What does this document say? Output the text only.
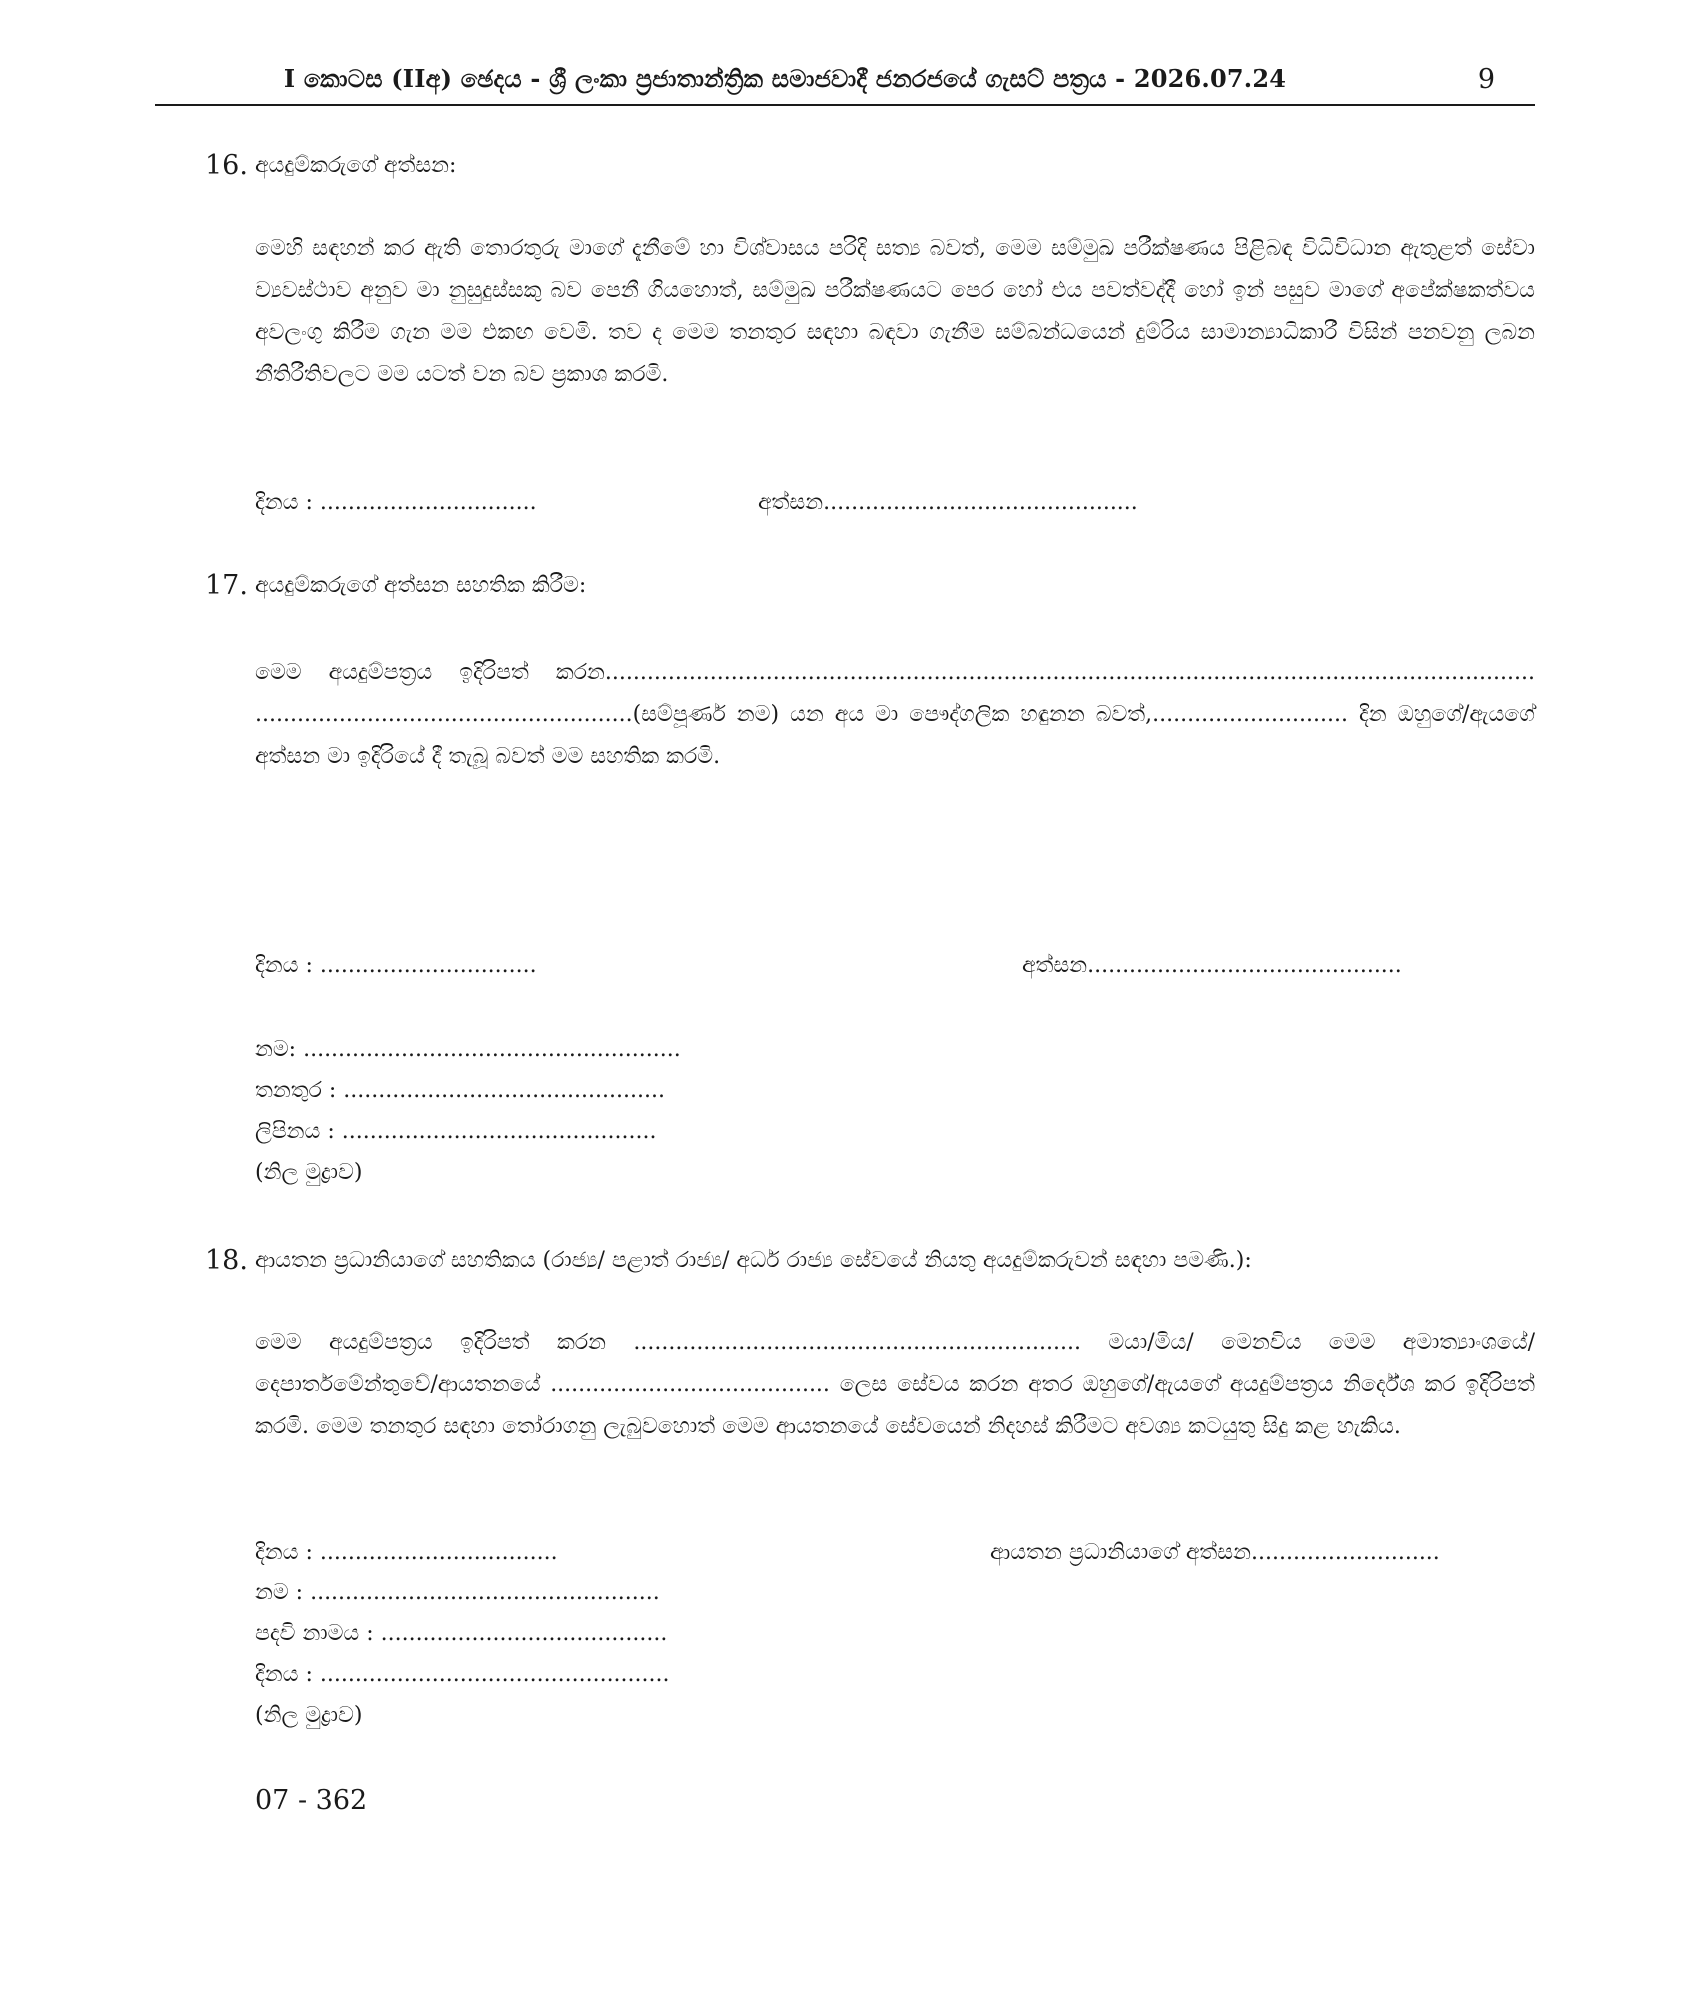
I කොටස (IIඅ) ඡෙදය - ශ්‍රී ලංකා ප්‍රජාතාන්ත්‍රික සමාජවාදී ජනරජයේ ගැසට් පත්‍රය - 2026.07.24	9
16. අයදුම්කරුගේ අත්සන:

මෙහි සඳහන් කර ඇති තොරතුරු මාගේ දැනීමේ හා විශ්වාසය පරිදි සත්‍ය බවත්, මෙම සම්මුඛ පරීක්ෂණය පිළිබඳ විධිවිධාන ඇතුළත් සේවා ව්‍යවස්ථාව අනුව මා නුසුදුස්සකු බව පෙනී ගියහොත්, සම්මුඛ පරීක්ෂණයට පෙර හෝ එය පවත්වද්දී හෝ ඉන් පසුව මාගේ අපේක්ෂකත්වය අවලංගු කිරීම ගැන මම එකඟ වෙමි. තව ද මෙම තනතුර සඳහා බඳවා ගැනීම සම්බන්ධයෙන් දුම්රිය සාමාන්‍යාධිකාරී විසින් පනවනු ලබන නීතිරීතිවලට මම යටත් වන බව ප්‍රකාශ කරමි.

දිනය : ...............................	අත්සන.............................................
17. අයදුම්කරුගේ අත්සන සහතික කිරීම:

මෙම අයදුම්පත්‍රය ඉදිරිපත් කරන..................................................................................................................................... ......................................................(සම්පූර්ණ නම) යන අය මා පෞද්ගලික හඳුනන බවත්,............................ දින ඔහුගේ/ඇයගේ අත්සන මා ඉදිරියේ දී තැබූ බවත් මම සහතික කරමි.

දිනය : ...............................	අත්සන.............................................
නම: ......................................................
තනතුර : ..............................................
ලිපිනය : .............................................
(නිල මුද්‍රාව)
18. ආයතන ප්‍රධානියාගේ සහතිකය (රාජ්‍ය/ පළාත් රාජ්‍ය/ අර්ධ රාජ්‍ය සේවයේ නියතු අයදුම්කරුවන් සඳහා පමණි.):

මෙම අයදුම්පත්‍රය ඉදිරිපත් කරන ................................................................ මයා/මිය/ මෙනවිය මෙම අමාත්‍යාංශයේ/ දෙපාර්තමේන්තුවේ/ආයතනයේ ........................................ ලෙස සේවය කරන අතර ඔහුගේ/ඇයගේ අයදුම්පත්‍රය නිර්දේශ කර ඉදිරිපත් කරමි. මෙම තනතුර සඳහා තෝරාගනු ලැබුවහොත් මෙම ආයතනයේ සේවයෙන් නිදහස් කිරීමට අවශ්‍ය කටයුතු සිදු කළ හැකිය.

දිනය : ..................................	ආයතන ප්‍රධානියාගේ අත්සන...........................
නම : ..................................................
පදවි නාමය : .........................................
දිනය : ..................................................
(නිල මුද්‍රාව)
07 - 362
